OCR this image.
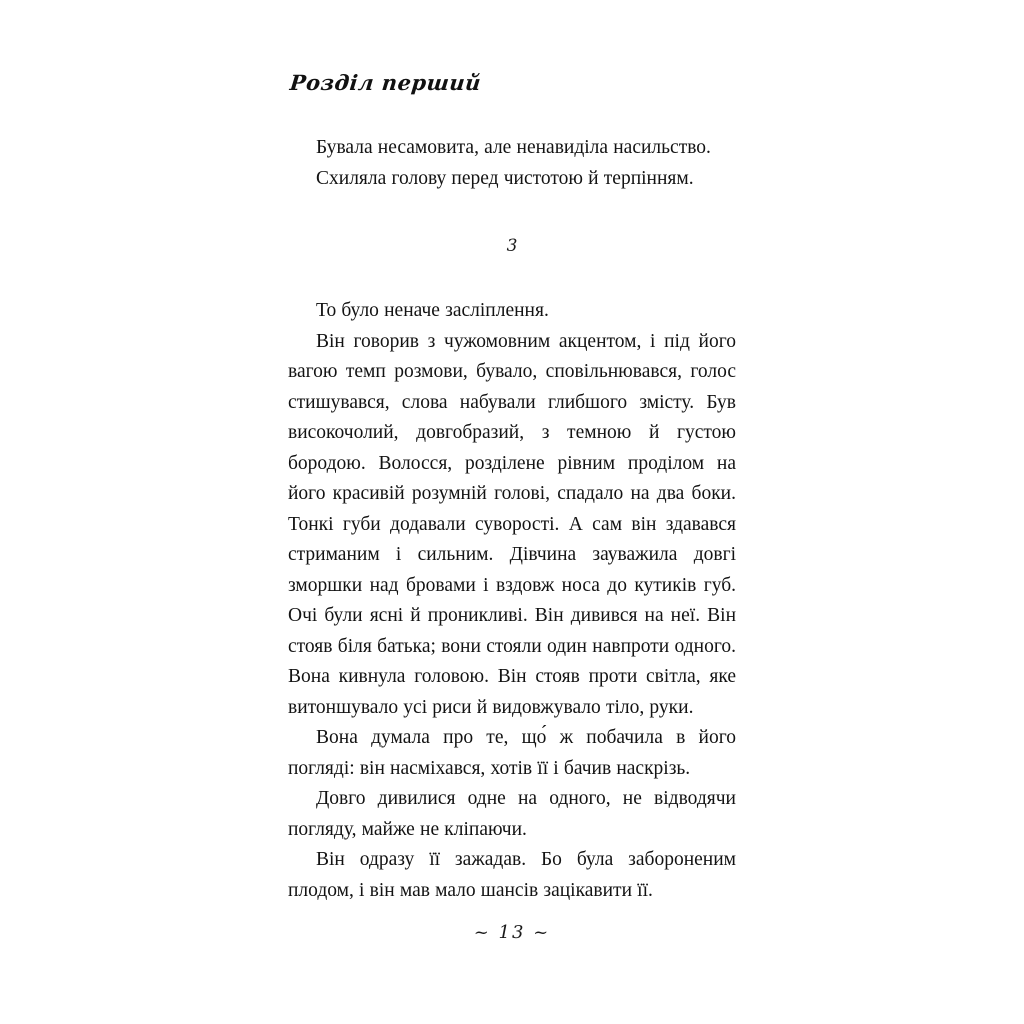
Розділ перший

Бувала несамовита, але ненавиділа насильство.

Схиляла голову перед чистотою й терпінням.

3

То було неначе засліплення.

Він говорив з чужомовним акцентом, і під його вагою темп розмови, бувало, сповільнювався, голос стишувався, слова набували глибшого змісту. Був високочолий, довгобразий, з темною й густою бородою. Волосся, розділене рівним проділом на його красивій розумній голові, спадало на два боки. Тонкі губи додавали суворості. А сам він здавався стриманим і сильним. Дівчина зауважила довгі зморшки над бровами і вздовж носа до кутиків губ. Очі були ясні й проникливі. Він дивився на неї. Він стояв біля батька; вони стояли один навпроти одного. Вона кивнула головою. Він стояв проти світла, яке витоншувало усі риси й видовжувало тіло, руки.

Вона думала про те, що́ ж побачила в його погляді: він насміхався, хотів її і бачив наскрізь.

Довго дивилися одне на одного, не відводячи погляду, майже не кліпаючи.

Він одразу її зажадав. Бо була забороненим плодом, і він мав мало шансів зацікавити її.

~ 13 ~
